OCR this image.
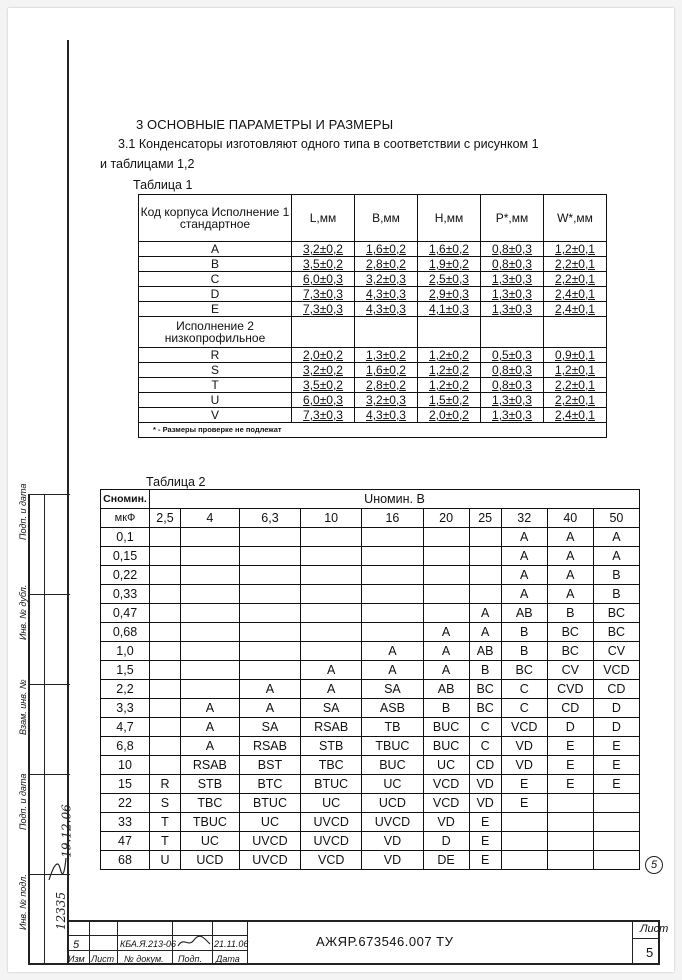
3 ОСНОВНЫЕ ПАРАМЕТРЫ И РАЗМЕРЫ
3.1 Конденсаторы изготовляют одного типа в соответствии с рисунком 1
и таблицами 1,2
Таблица 1
Код корпуса Исполнение 1 стандартное	L,мм	B,мм	H,мм	P*,мм	W*,мм
A	3,2±0,2	1,6±0,2	1,6±0,2	0,8±0,3	1,2±0,1
B	3,5±0,2	2,8±0,2	1,9±0,2	0,8±0,3	2,2±0,1
C	6,0±0,3	3,2±0,3	2,5±0,3	1,3±0,3	2,2±0,1
D	7,3±0,3	4,3±0,3	2,9±0,3	1,3±0,3	2,4±0,1
E	7,3±0,3	4,3±0,3	4,1±0,3	1,3±0,3	2,4±0,1
Исполнение 2 низкопрофильное					
R	2,0±0,2	1,3±0,2	1,2±0,2	0,5±0,3	0,9±0,1
S	3,2±0,2	1,6±0,2	1,2±0,2	0,8±0,3	1,2±0,1
T	3,5±0,2	2,8±0,2	1,2±0,2	0,8±0,3	2,2±0,1
U	6,0±0,3	3,2±0,3	1,5±0,2	1,3±0,3	2,2±0,1
V	7,3±0,3	4,3±0,3	2,0±0,2	1,3±0,3	2,4±0,1
* - Размеры проверке не подлежат					
Таблица 2
Cномин.	Uномин. В									
мкФ	2,5	4	6,3	10	16	20	25	32	40	50
0,1								A	A	A
0,15								A	A	A
0,22								A	A	B
0,33								A	A	B
0,47							A	AB	B	BC
0,68						A	A	B	BC	BC
1,0					A	A	AB	B	BC	CV
1,5				A	A	A	B	BC	CV	VCD
2,2			A	A	SA	AB	BC	C	CVD	CD
3,3		A	A	SA	ASB	B	BC	C	CD	D
4,7		A	SA	RSAB	TB	BUC	C	VCD	D	D
6,8		A	RSAB	STB	TBUC	BUC	C	VD	E	E
10		RSAB	BST	TBC	BUC	UC	CD	VD	E	E
15	R	STB	BTC	BTUC	UC	VCD	VD	E	E	E
22	S	TBC	BTUC	UC	UCD	VCD	VD	E		
33	T	TBUC	UC	UVCD	UVCD	VD	E			
47	T	UC	UVCD	UVCD	VD	D	E			
68	U	UCD	UVCD	VCD	VD	DE	E			
19.12.06
12335
Изм Лист № докум. Подп. Дата
5	КБА.Я.213-06	21.11.06	АЖЯР.673546.007 ТУ
Лист
5
5
